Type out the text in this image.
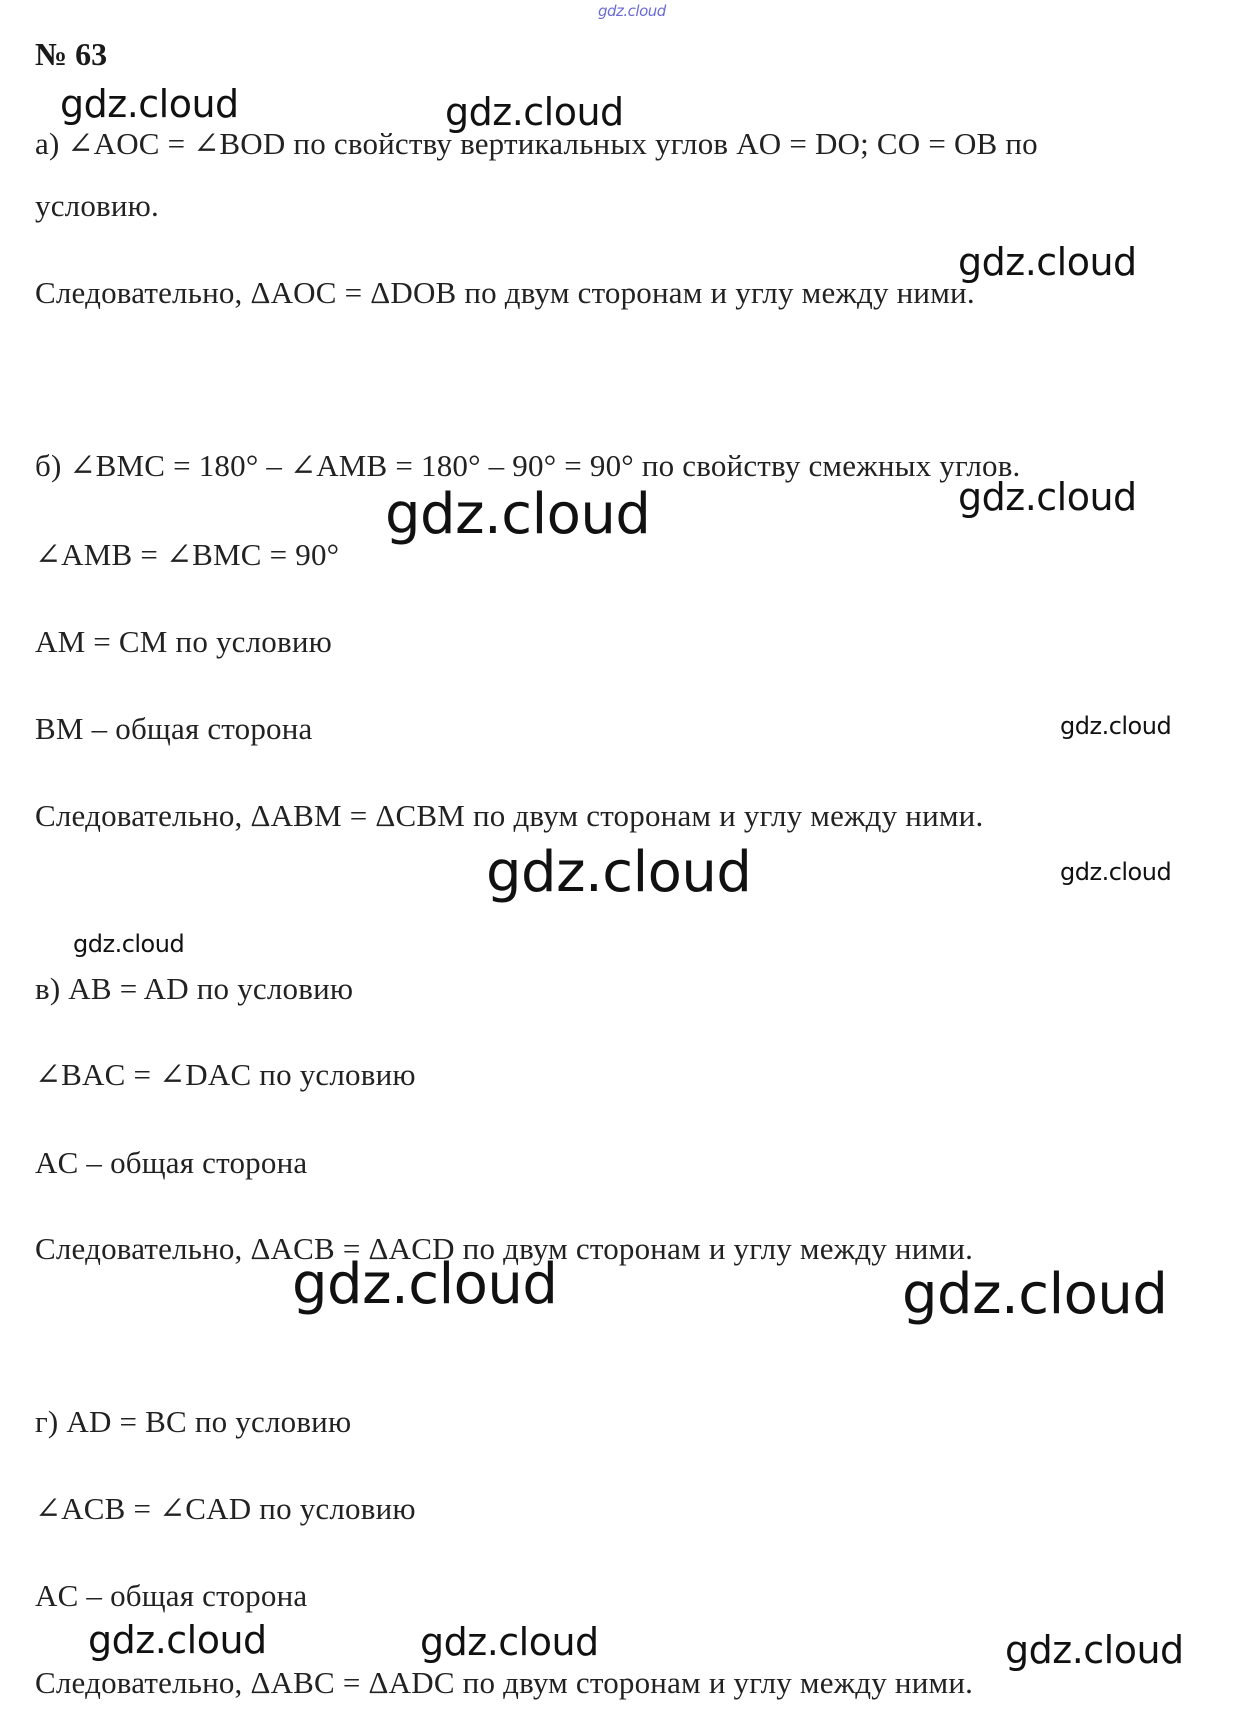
gdz.cloud
№ 63
а) ∠AOC = ∠BOD по свойству вертикальных углов AO = DO; CO = OB по
условию.
Следовательно, ΔAOC = ΔDOB по двум сторонам и углу между ними.
б) ∠BMC = 180° – ∠AMB = 180° – 90° = 90° по свойству смежных углов.
∠AMB = ∠BMC = 90°
AM = CM по условию
BM – общая сторона
Следовательно, ΔABM = ΔCBM по двум сторонам и углу между ними.
в) AB = AD по условию
∠BAC = ∠DAC по условию
AC – общая сторона
Следовательно, ΔACB = ΔACD по двум сторонам и углу между ними.
г) AD = BC по условию
∠ACB = ∠CAD по условию
AC – общая сторона
Следовательно, ΔABC = ΔADC по двум сторонам и углу между ними.
gdz.cloud	gdz.cloud
gdz.cloud
gdz.cloud
gdz.cloud
gdz.cloud
gdz.cloud	gdz.cloud
gdz.cloud
gdz.cloud	gdz.cloud
gdz.cloud	gdz.cloud	gdz.cloud
